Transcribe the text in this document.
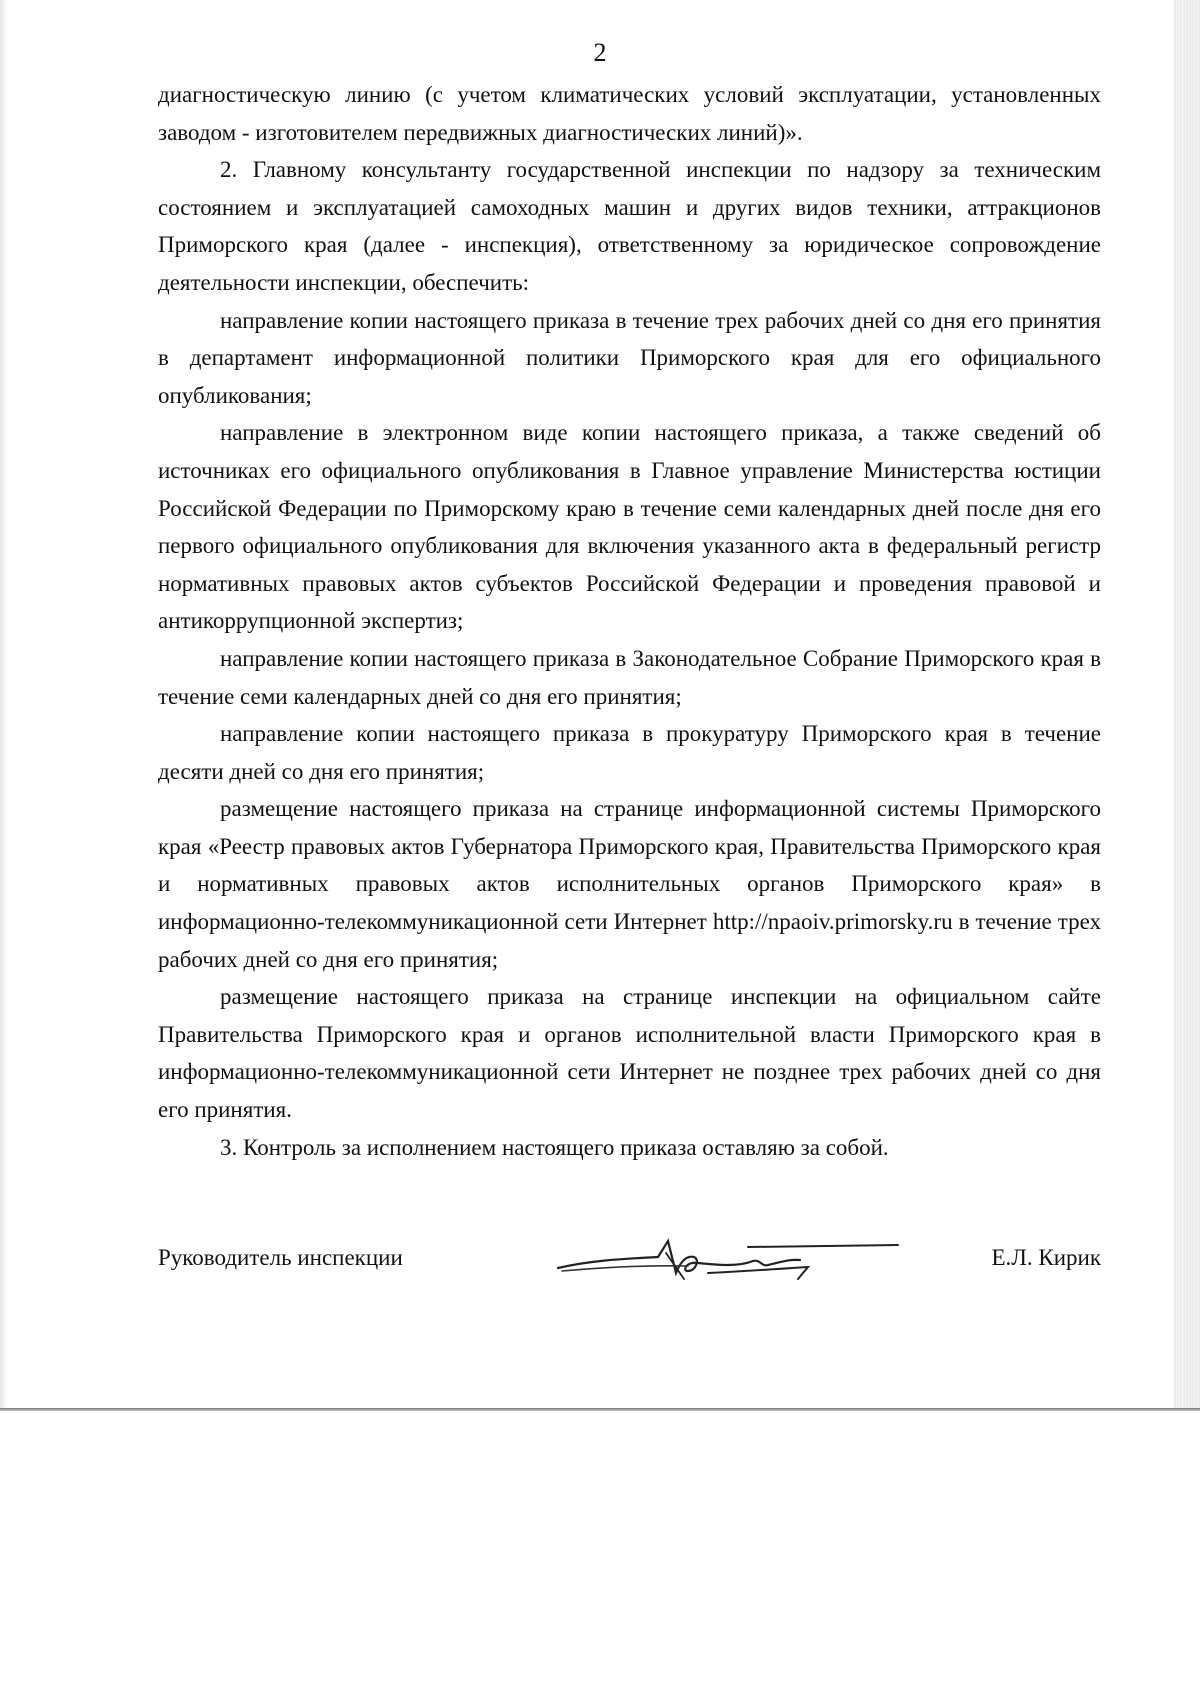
2

диагностическую линию (с учетом климатических условий эксплуатации, установленных заводом - изготовителем передвижных диагностических линий)».

2. Главному консультанту государственной инспекции по надзору за техническим состоянием и эксплуатацией самоходных машин и других видов техники, аттракционов Приморского края (далее - инспекция), ответственному за юридическое сопровождение деятельности инспекции, обеспечить:

направление копии настоящего приказа в течение трех рабочих дней со дня его принятия в департамент информационной политики Приморского края для его официального опубликования;

направление в электронном виде копии настоящего приказа, а также сведений об источниках его официального опубликования в Главное управление Министерства юстиции Российской Федерации по Приморскому краю в течение семи календарных дней после дня его первого официального опубликования для включения указанного акта в федеральный регистр нормативных правовых актов субъектов Российской Федерации и проведения правовой и антикоррупционной экспертиз;

направление копии настоящего приказа в Законодательное Собрание Приморского края в течение семи календарных дней со дня его принятия;

направление копии настоящего приказа в прокуратуру Приморского края в течение десяти дней со дня его принятия;

размещение настоящего приказа на странице информационной системы Приморского края «Реестр правовых актов Губернатора Приморского края, Правительства Приморского края и нормативных правовых актов исполнительных органов Приморского края» в информационно-телекоммуникационной сети Интернет http://npaoiv.primorsky.ru в течение трех рабочих дней со дня его принятия;

размещение настоящего приказа на странице инспекции на официальном сайте Правительства Приморского края и органов исполнительной власти Приморского края в информационно-телекоммуникационной сети Интернет не позднее трех рабочих дней со дня его принятия.

3. Контроль за исполнением настоящего приказа оставляю за собой.

Руководитель инспекции	Е.Л. Кирик
